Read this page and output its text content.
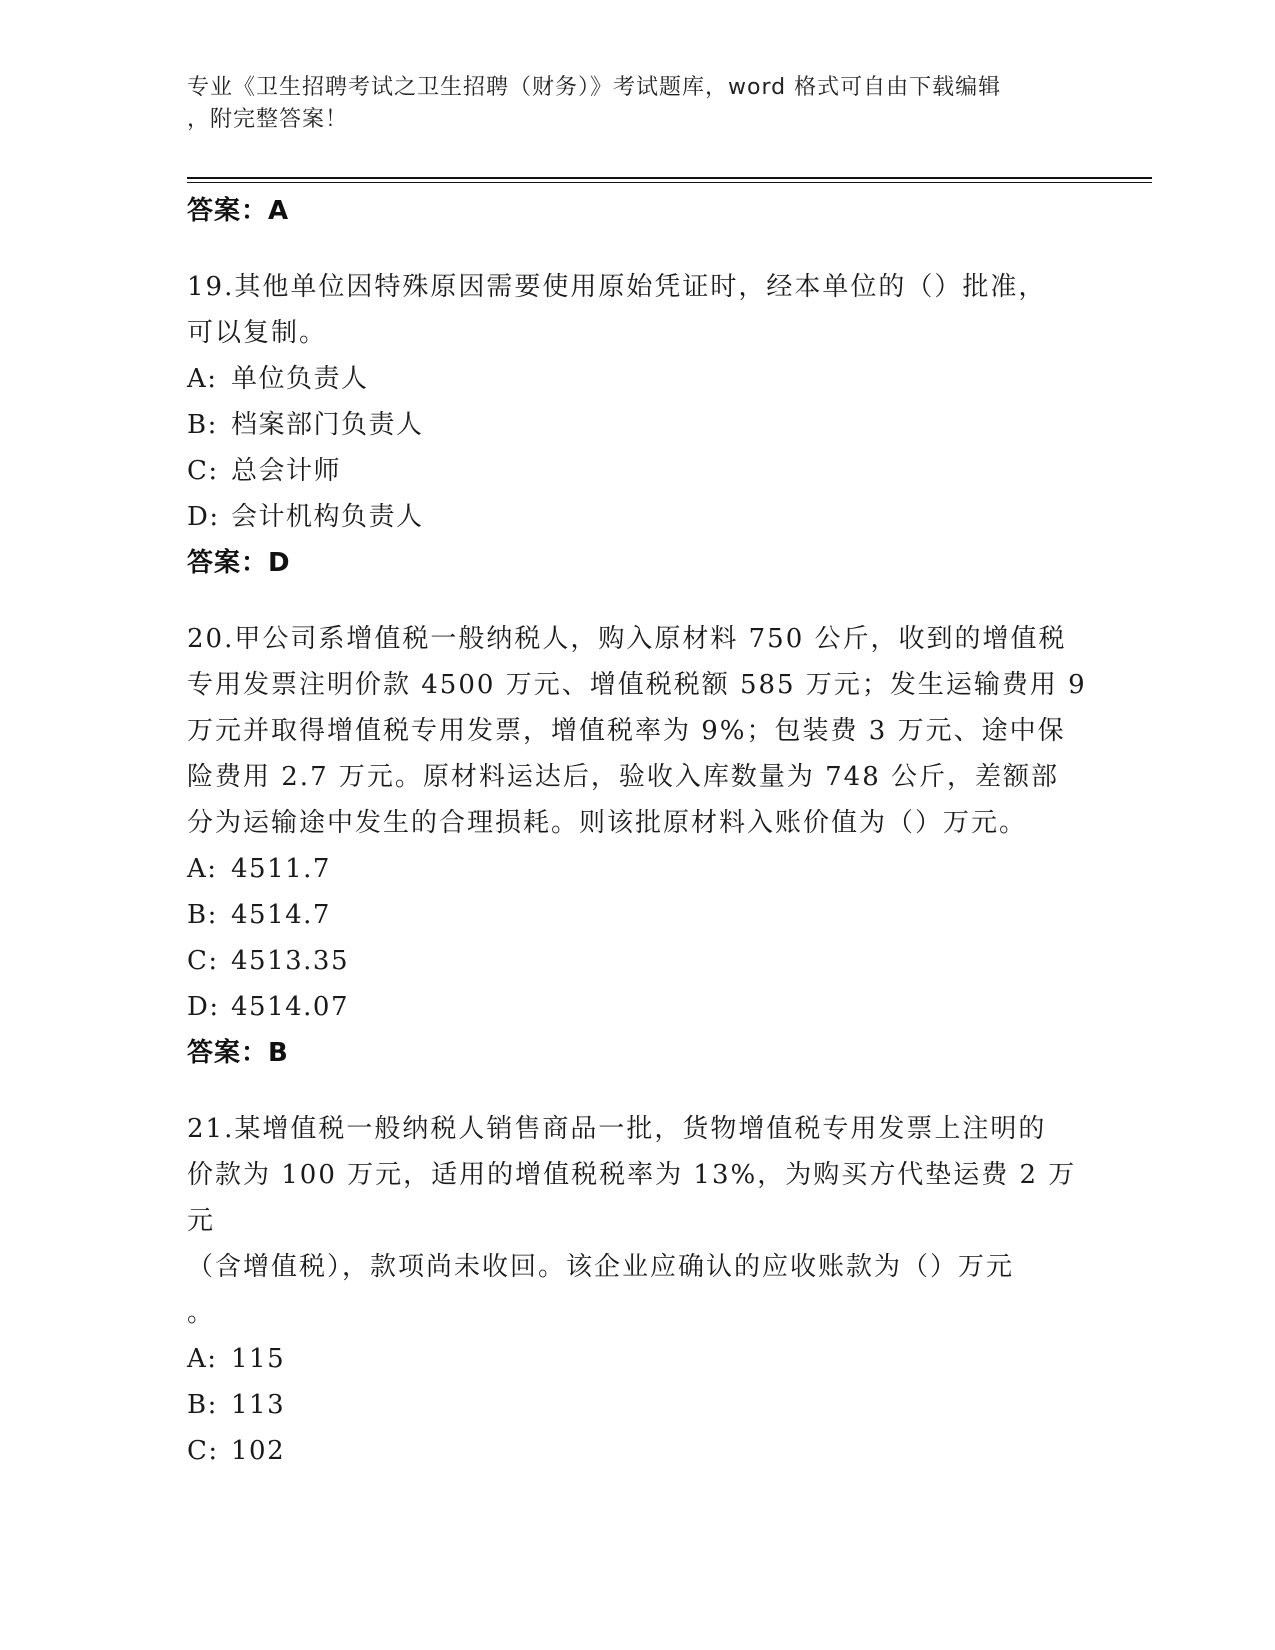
专业《卫生招聘考试之卫生招聘（财务）》考试题库，word 格式可自由下载编辑
，附完整答案！
答案：A

19.其他单位因特殊原因需要使用原始凭证时，经本单位的（）批准，
可以复制。

A: 单位负责人
B: 档案部门负责人
C: 总会计师
D: 会计机构负责人
答案：D

20.甲公司系增值税一般纳税人，购入原材料 750 公斤，收到的增值税
专用发票注明价款 4500 万元、增值税税额 585 万元；发生运输费用 9
万元并取得增值税专用发票，增值税率为 9%；包装费 3 万元、途中保
险费用 2.7 万元。原材料运达后，验收入库数量为 748 公斤，差额部
分为运输途中发生的合理损耗。则该批原材料入账价值为（）万元。

A: 4511.7
B: 4514.7
C: 4513.35
D: 4514.07
答案：B

21.某增值税一般纳税人销售商品一批，货物增值税专用发票上注明的
价款为 100 万元，适用的增值税税率为 13%，为购买方代垫运费 2 万元
（含增值税），款项尚未收回。该企业应确认的应收账款为（）万元
。

A: 115
B: 113
C: 102
